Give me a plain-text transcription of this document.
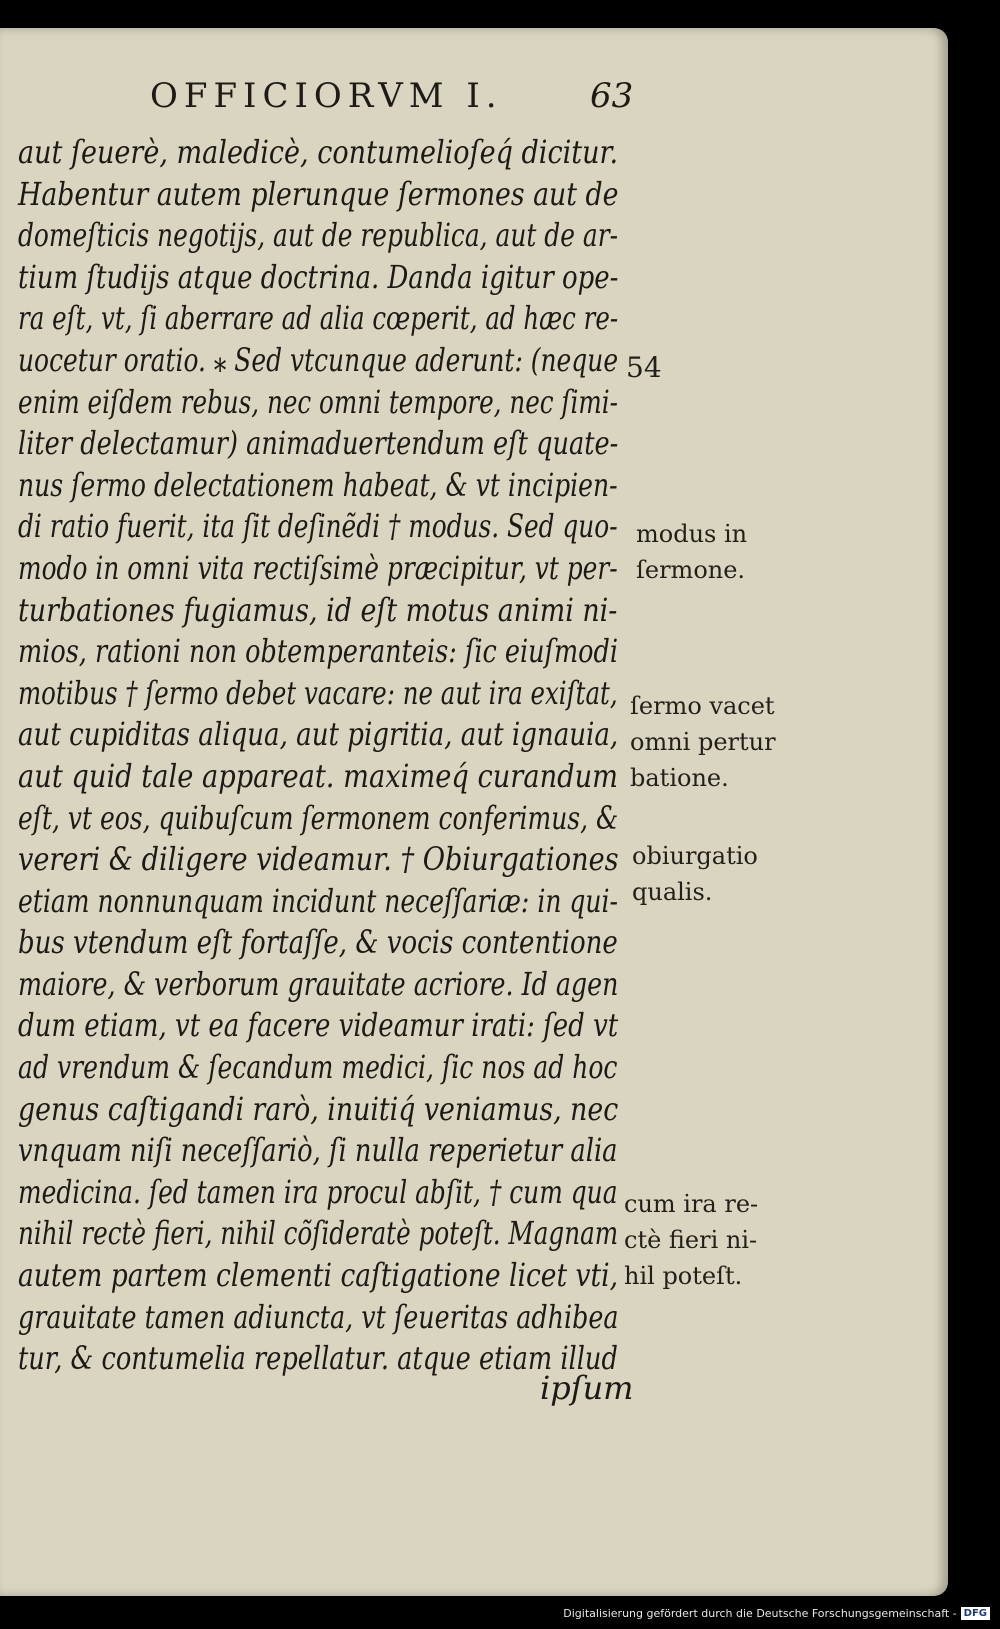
OFFICIORVM I.	63
aut ſeuerè, maledicè, contumelioſeq́ dicitur.
Habentur autem plerunque ſermones aut de
domeſticis negotijs, aut de republica, aut de ar-
tium ſtudijs atque doctrina. Danda igitur ope-
ra eſt, vt, ſi aberrare ad alia cœperit, ad hæc re-
uocetur oratio. ⁎ Sed vtcunque aderunt: (neque
enim eiſdem rebus, nec omni tempore, nec ſimi-
liter delectamur) animaduertendum eſt quate-
nus ſermo delectationem habeat, & vt incipien-
di ratio fuerit, ita ſit deſinẽdi † modus. Sed quo-
modo in omni vita rectiſsimè præcipitur, vt per-
turbationes fugiamus, id eſt motus animi ni-
mios, rationi non obtemperanteis: ſic eiuſmodi
motibus † ſermo debet vacare: ne aut ira exiſtat,
aut cupiditas aliqua, aut pigritia, aut ignauia,
aut quid tale appareat. maximeq́ curandum
eſt, vt eos, quibuſcum ſermonem conferimus, &
vereri & diligere videamur. † Obiurgationes
etiam nonnunquam incidunt neceſſariæ: in qui-
bus vtendum eſt fortaſſe, & vocis contentione
maiore, & verborum grauitate acriore. Id agen
dum etiam, vt ea facere videamur irati: ſed vt
ad vrendum & ſecandum medici, ſic nos ad hoc
genus caſtigandi rarò, inuitiq́ veniamus, nec
vnquam niſi neceſſariò, ſi nulla reperietur alia
medicina. ſed tamen ira procul abſit, † cum qua
nihil rectè fieri, nihil cõſideratè poteſt. Magnam
autem partem clementi caſtigatione licet vti,
grauitate tamen adiuncta, vt ſeueritas adhibea
tur, & contumelia repellatur. atque etiam illud
ipſum
54
modus in
ſermone.
ſermo vacet
omni pertur
batione.
obiurgatio
qualis.
cum ira re-
ctè fieri ni-
hil poteſt.
Digitalisierung gefördert durch die Deutsche Forschungsgemeinschaft - DFG
